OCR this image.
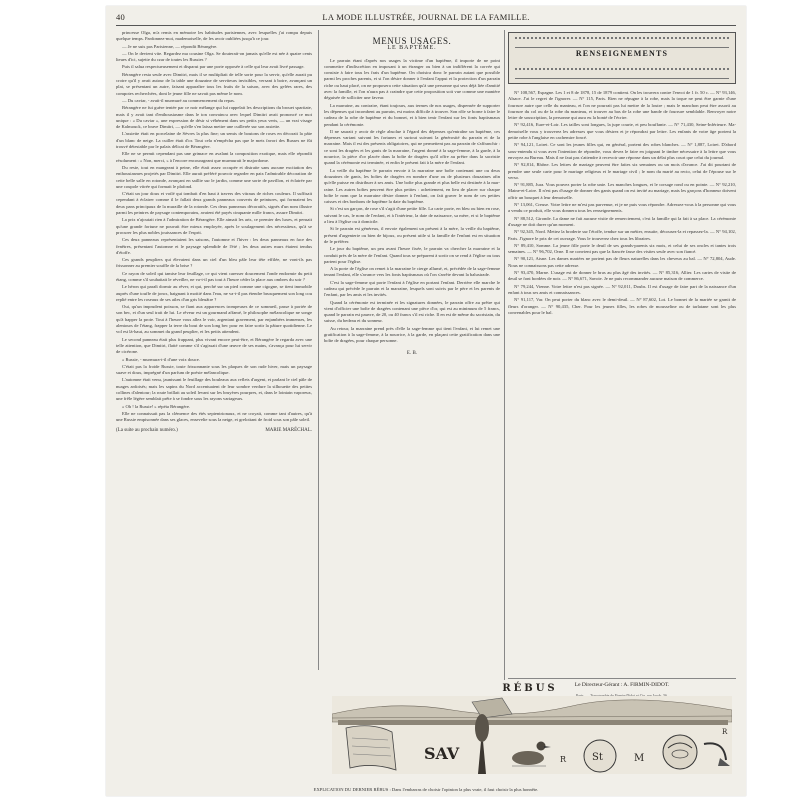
40	LA MODE ILLUSTRÉE, JOURNAL DE LA FAMILLE.

princesse Olga, m'a remis en mémoire les habitudes parisiennes, avec lesquelles j'ai rompu depuis quelque temps. Pardonnez-moi, mademoiselle, de les avoir oubliées jusqu'à ce jour.

— Je ne suis pas Parisienne, — répondit Bérangère.

— On le devient vite. Regardez ma cousine Olga. Se douterait-on jamais qu'elle est née à quatre cents lieues d'ici, sujette du czar de toutes les Russies ?

Puis il salua respectueusement et disparut par une porte opposée à celle qui leur avait livré passage.

Bérangère resta seule avec Dimitri, mais il se multipliait de telle sorte pour la servir, qu'elle aurait pu croire qu'il y avait autour de la table une douzaine de serviteurs invisibles, versant à boire, avançant un plat, se présentant un autre, faisant apparaître tous les fruits de la saison, avec des gelées rares, des compotes recherchées, dont le jeune fille ne savait pas même le nom.

— Du caviar, - avait-il murmuré au commencement du repas.

Bérangère ne fut guère tentée par ce noir mélange qui lui rappelait les descriptions du brouet spartiate, mais il y avait tant d'enthousiasme dans le ton convaincu avec lequel Dimitri avait prononcé ce mot unique : « Du caviar », une expression de désir si véhément dans ses petits yeux verts, — un vrai visage de Kalmouck, ce brave Dimitri, — qu'elle s'en laissa mettre une cuillerée sur son assiette.

L'assiette était en porcelaine de Sèvres la plus fine; un semis de boutons de roses en décorait la pâte d'un blanc de neige. La cuiller était d'or. Tout cela n'empêcha pas que le mets favori des Russes ne fût trouvé détestable par le palais délicat de Bérangère.

Elle ne se permit cependant pas une grimace en avalant la composition exotique, mais elle répondit résolument : « Non, merci, » à l'encore encourageant que murmurait le majordome.

Du reste, tout en mangeant à peine, elle était assez occupée et distraite sans aucune excitation des enthousiasmes projetés par Dimitri. Elle aurait préféré pouvoir regarder en paix l'admirable décoration de cette belle salle en rotonde, avançant en saillie sur le jardin, comme une sorte de pavillon, et éclairée par une coupole vitrée qui formait le plafond.

C'était un jour doux et voilé qui tombait d'en haut à travers des vitraux de riches couleurs. Il suffisait cependant à éclairer comme il le fallait deux grands panneaux couverts de peintures, qui formaient les deux pans principaux de la muraille de la rotonde. Ces deux panneaux décoratifs, signés d'un nom illustre parmi les peintres de paysage contemporains, avaient été payés cinquante mille francs, assure Dimitri.

La prix n'ajoutait rien à l'admiration de Bérangère. Elle aimait les arts, ce premier des luxes, et pensait qu'une grande fortune ne pouvait être mieux employée, après le soulagement des nécessiteux, qu'à se procurer les plus nobles jouissances de l'esprit.

Ces deux panneaux représentaient les saisons, l'automne et l'hiver : les deux panneaux en face des fenêtres, présentant l'automne et le paysage splendide de l'été ; les deux autres murs étaient tendus d'étoffe.

Ces grands peupliers qui élevaient dans un ciel d'un bleu pâle leur tête effilée, ne vont-ils pas frissonner au premier souffle de la brise ?

Ce rayon de soleil qui tamise leur feuillage, ce qui vient caresser doucement l'onde endormie du petit étang, comme s'il souhaitait le réveiller, ne va-t-il pas tout à l'heure céder la place aux ombres du soir ?

Le héron qui paraît dormir au rêver, et qui, perché sur un pied comme une cigogne, se tient immobile auprès d'une touffe de joncs, baignant à moitié dans l'eau, ne va-t-il pas étendre brusquement son long cou replié entre les roseaux de ses ailes d'un gris bleuâtre ?

Oui, qu'un imprudent poisson, se fiant aux apparences trompeuses de ce sommeil, passe à portée de son bec, et d'un seul trait de lui. Le rêveur est un gourmand affamé, le philosophe mélancolique ne songe qu'à happer la proie. Tout à l'heure vous allez le voir, argentant gravement, par enjambées immenses, les alentours de l'étang, frapper la terre du bout de son long bec pour en faire sortir la pâture quotidienne. Le vol est là-haut, au sommet du grand peuplier, et les petits attendent.

Le second panneau était plus frappant, plus vivant encore peut-être, et Bérangère le regarda avec une telle attention, que Dimitri, flatté comme s'il s'agissait d'une œuvre de ses mains, s'avança pour lui servir de cicérone.

« Russie, - murmura-t-il d'une voix douce.

C'était pas la froide Russie, toute frissonnante sous les plaques de son rude hiver, mais un paysage suave et doux, imprégné d'un parfum de poésie mélancolique.

L'automne était venu, jaunissant le feuillage des bouleaux aux reflets d'argent, et parlant le ciel pâle de nuages ardoisés; mais les sapins du Nord accentuaient de leur sombre verdure la silhouette des petites collines d'alentour; la route brillait au soleil levant sur les bruyères pourpres, et, dans le lointain vaporeux, une frêle légère semblait prête à se fondre sous les rayons variageurs.

« Oh ! la Russie! » répéta Bérangère.

Elle ne connaissait pas la clémence des étés septentrionaux, et ne croyait, comme tant d'autres, qu'à une Russie empisonnée dans ses glaces, ensevelie sous la neige, et grelottant de froid sous son pâle soleil.

(La suite au prochain numéro.)	MARIE MARÉCHAL.
MENUS USAGES.
LE BAPTÊME.

Le parrain étant d'après nos usages la victime d'un baptême, il importe de ne point commettre d'indiscrétion en imposant à un étranger ou bien à un indifférent la corvée qui consiste à faire tous les frais d'un baptême. On choisira donc le parrain autant que possible parmi les proches parents, et si l'on désire donner à l'enfant l'appui et la protection d'un parrain riche ou haut placé, on ne proposera cette situation qu'à une personne qui sera déjà liée d'amitié avec la famille, et l'on n'aura pas à craindre que cette proposition soit vue comme une manière déguisée de solliciter une faveur.

La marraine, au contraire, étant toujours, aux termes de nos usages, dispensée de supporter les dépenses qui incombent au parrain, est moins difficile à trouver. Son rôle se borne à faire le cadeau de la robe de baptême et du bonnet, et à bien tenir l'enfant sur les fonts baptismaux pendant la cérémonie.

Il ne saurait y avoir de règle absolue à l'égard des dépenses qu'entraîne un baptême, ces dépenses variant suivant les fortunes et surtout suivant la générosité du parrain et de la marraine. Mais il est des présents obligatoires, qui ne permettent pas au parrain de s'affranchir : ce sont les dragées et les gants de la marraine, l'argent donné à la sage-femme, à la garde, à la nourrice, la pièce d'or placée dans la boîte de dragées qu'il offre au prêtre dans la sacristie quand la cérémonie est terminée, et enfin le présent fait à la mère de l'enfant.

La veille du baptême le parrain envoie à la marraine une boîte contenant une ou deux douzaines de gants, les boîtes de dragées en nombre d'une ou de plusieurs douzaines afin qu'elle puisse en distribuer à ses amis. Une boîte plus grande et plus belle est destinée à la marraine. Les autres boîtes peuvent être plus petites : achettement, en lieu de placer sur chaque boîte le nom que la marraine désire donner à l'enfant, on fait graver le nom de ces petites caisses et des bonbons de baptême la date du baptême.

Si c'est un garçon, de rose s'il s'agit d'une petite fille. La carte porte, en bleu ou bien en rose, suivant le cas, le nom de l'enfant, et à l'intérieur, la date de naissance, sa mère, et si le baptême a lieu à l'église ou à domicile.

Si le parrain est généreux, il envoie également un présent à la mère, la veille du baptême, présent d'argenterie ou bien de bijoux, ou présent utile si la famille de l'enfant est en situation de le préférer.

Le jour du baptême, un peu avant l'heure fixée, le parrain va chercher la marraine et la conduit près de la mère de l'enfant. Quand tous se préparent à sortir on se rend à l'église ou tous partent pour l'église.

A la porte de l'église on remet à la marraine le cierge allumé, et, précédée de la sage-femme tenant l'enfant, elle s'avance vers les fonts baptismaux où l'on s'arrête devant la balustrade.

C'est la sage-femme qui porte l'enfant à l'église en portant l'enfant. Derrière elle marche le cadeau qui précède le parrain et la marraine, lesquels sont suivis par le père et les parents de l'enfant, par les amis et les invités.

Quand la cérémonie est terminée et les signatures données, le parrain offre au prêtre qui vient d'officier une boîte de dragées contenant une pièce d'or, qui est au minimum de 5 francs, quand le parrain est pauvre, de 20, ou 40 francs s'il est riche. Il en est de même du sacristain, du suisse, du bedeau et du sonneur.

Au retour, la marraine prend près d'elle la sage-femme qui tient l'enfant, et lui remet une gratification à la sage-femme, à la nourrice, à la garde, en plaçant cette gratification dans une boîte de dragées, pour chaque personne.

E. B.
RENSEIGNEMENTS

N° 108,567, Espagne. Les 1 et 8 de 1878, 15 de 1879 contient. On les trouvera contre l'envoi de 1 fr. 50 c. — N° 93,146, Alsace. J'ai le regret de l'ignorer. — N° 115, Paris. Rien ne répugne à la robe, mais la toque ne peut être garnie d'une fourrure autre que celle du manteau, et l'on ne pourrait pas lui mettre de la loutre ; mais le manchon peut être assorti au fourrure du col ou de la robe du manteau, et trouver au bas de la robe une bande de fourrure semblable. Renvoyer notre lettre de souscription, la personne qui aura eu la bonté de l'écrire.

N° 92,416, Eure-et-Loir. Les tailles sont longues, la jupe courte, et peu bouffante. — N° 71,430, Seine-Inférieure. Mademoiselle vous y trouverez les adresses que vous désirez et je répondrai par lettre. Les enfants de votre âge portent la petite robe à l'anglaise en cachemire foncé.

N° 94,121, Loiret. Ce sont les jeunes filles qui, en général, portent des robes blanches. — N° 1,887, Loiret. D'abord sous-entendu si vous avez l'intention de répondre, vous devez le faire en joignant le timbre nécessaire à la lettre que vous envoyez au Bureau. Mais il ne faut pas s'attendre à recevoir une réponse dans un délai plus court que celui du journal.

N° 92,814, Rhône. Les lettres de mariage peuvent être faites six semaines ou un mois d'avance. J'ai dit pourtant de prendre une seule carte pour le mariage religieux et le mariage civil ; le nom du marié au recto, celui de l'épouse sur le verso.

N° 91,885, Jura. Vous pouvez porter la robe unie. Les manches longues, et le corsage rond ou en pointe. — N° 92,210, Maine-et-Loire. Il n'est pas d'usage de donner des gants quand on est invité au mariage, mais les garçons d'honneur doivent offrir un bouquet à leur demoiselle.

N° 13,061, Creuse. Votre lettre ne m'est pas parvenue, et je ne puis vous répondre. Adressez-vous à la personne qui vous a vendu ce produit, elle vous donnera tous les renseignements.

N° 88,512, Gironde. La dame ne fait aucune visite de remerciement, c'est la famille qui la fait à sa place. La cérémonie d'usage ne doit durer qu'un moment.

N° 92,345, Nord. Mettez la broderie sur l'étoffe, tendue sur un métier, ensuite, décousez-la et repassez-la. — N° 94,102, Paris. J'ignore le prix de cet ouvrage. Vous le trouverez chez tous les libraires.

N° 89,410, Somme. La jeune fille porte le deuil de ses grands-parents six mois, et celui de ses oncles et tantes trois semaines. — N° 96,702, Orne. Il ne convient pas que la fiancée fasse des visites seule avec son fiancé.

N° 90,121, Aisne. Les dames mariées ne portent pas de fleurs naturelles dans les cheveux au bal. — N° 72,804, Aude. Nous ne connaissons pas cette adresse.

N° 93,470, Marne. L'usage est de donner le bras au plus âgé des invités. — N° 85,316, Allier. Les cartes de visite de deuil se font bordées de noir. — N° 86,671, Savoie. Je ne puis recommander aucune maison de commerce.

N° 79,244, Vienne. Votre lettre n'est pas signée. — N° 92,011, Doubs. Il est d'usage de faire part de la naissance d'un enfant à tous ses amis et connaissances.

N° 91,117, Var. On peut porter du blanc avec le demi-deuil. — N° 87,602, Lot. Le bonnet de la mariée se garnit de fleurs d'oranger. — N° 90,435, Cher. Pour les jeunes filles, les robes de mousseline ou de tarlatane sont les plus convenables pour le bal.

Le Directeur-Gérant : A. FIRMIN-DIDOT.
RÉBUS
SAV	R	St	M
R
EXPLICATION DU DERNIER RÉBUS : Dans l'embarras de choisir l'opinion la plus vraie, il faut choisir la plus honnête.
